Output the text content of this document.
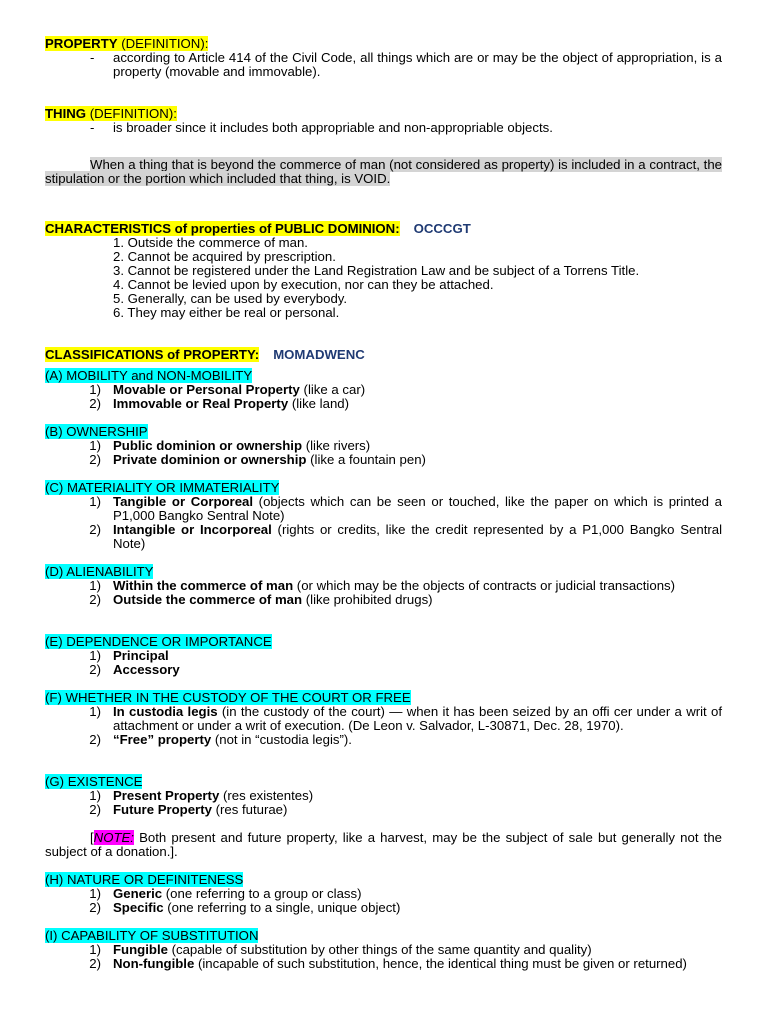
PROPERTY (DEFINITION):
-	according to Article 414 of the Civil Code, all things which are or may be the object of appropriation, is a property (movable and immovable).
THING (DEFINITION):
-	is broader since it includes both appropriable and non-appropriable objects.
When a thing that is beyond the commerce of man (not considered as property) is included in a contract, the stipulation or the portion which included that thing, is VOID.
CHARACTERISTICS of properties of PUBLIC DOMINION: OCCCGT
1. Outside the commerce of man.
2. Cannot be acquired by prescription.
3. Cannot be registered under the Land Registration Law and be subject of a Torrens Title.
4. Cannot be levied upon by execution, nor can they be attached.
5. Generally, can be used by everybody.
6. They may either be real or personal.
CLASSIFICATIONS of PROPERTY: MOMADWENC
(A) MOBILITY and NON-MOBILITY
1) Movable or Personal Property (like a car)
2) Immovable or Real Property (like land)
(B) OWNERSHIP
1) Public dominion or ownership (like rivers)
2) Private dominion or ownership (like a fountain pen)
(C) MATERIALITY OR IMMATERIALITY
1) Tangible or Corporeal (objects which can be seen or touched, like the paper on which is printed a P1,000 Bangko Sentral Note)
2) Intangible or Incorporeal (rights or credits, like the credit represented by a P1,000 Bangko Sentral Note)
(D) ALIENABILITY
1) Within the commerce of man (or which may be the objects of contracts or judicial transactions)
2) Outside the commerce of man (like prohibited drugs)
(E) DEPENDENCE OR IMPORTANCE
1) Principal
2) Accessory
(F) WHETHER IN THE CUSTODY OF THE COURT OR FREE
1) In custodia legis (in the custody of the court) — when it has been seized by an offi cer under a writ of attachment or under a writ of execution. (De Leon v. Salvador, L-30871, Dec. 28, 1970).
2) “Free” property (not in “custodia legis”).
(G) EXISTENCE
1) Present Property (res existentes)
2) Future Property (res futurae)
[NOTE: Both present and future property, like a harvest, may be the subject of sale but generally not the subject of a donation.].
(H) NATURE OR DEFINITENESS
1) Generic (one referring to a group or class)
2) Specific (one referring to a single, unique object)
(I) CAPABILITY OF SUBSTITUTION
1) Fungible (capable of substitution by other things of the same quantity and quality)
2) Non-fungible (incapable of such substitution, hence, the identical thing must be given or returned)
